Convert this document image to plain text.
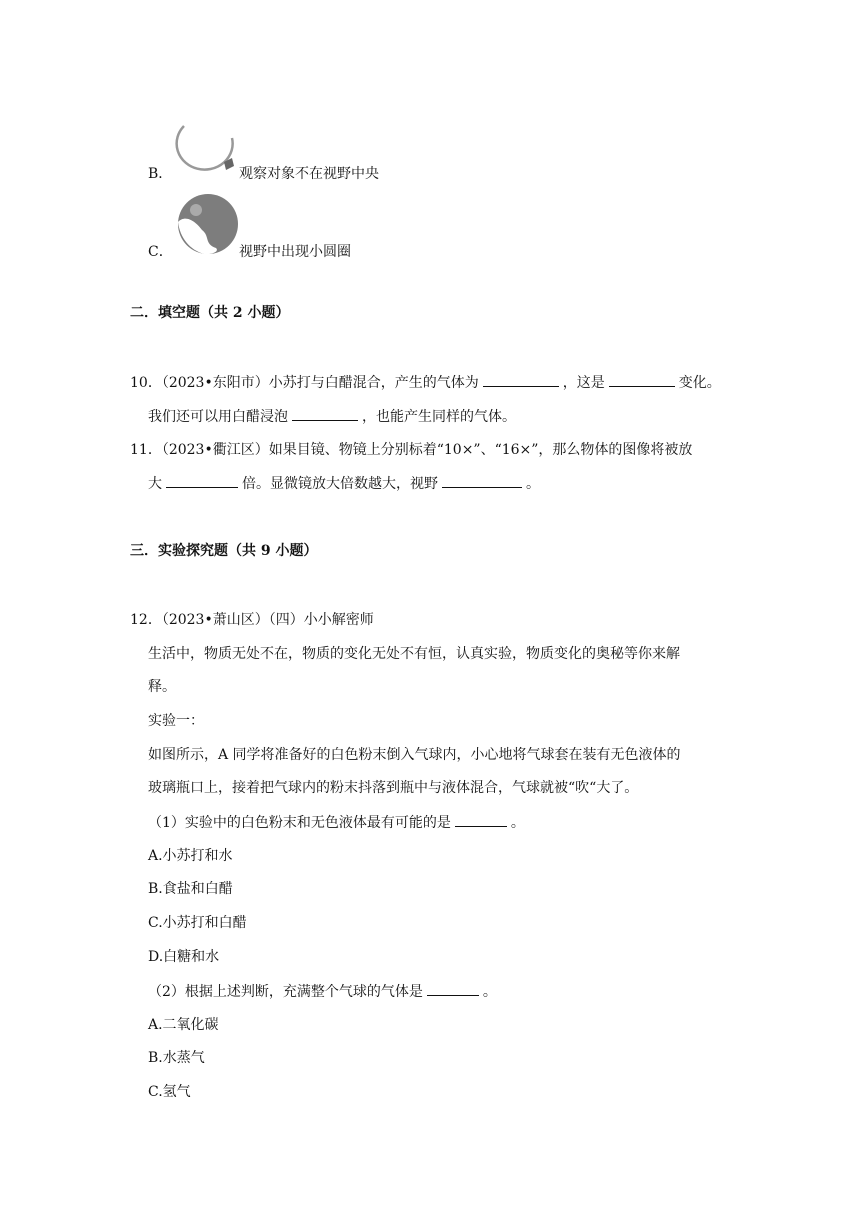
B．	观察对象不在视野中央
C．	视野中出现小圆圈
二．填空题（共 2 小题）
10．（2023•东阳市）小苏打与白醋混合，产生的气体为	，这是	变化。
我们还可以用白醋浸泡	，也能产生同样的气体。
11．（2023•衢江区）如果目镜、物镜上分别标着“10×”、“16×”，那么物体的图像将被放
大	倍。显微镜放大倍数越大，视野	。
三．实验探究题（共 9 小题）
12．（2023•萧山区）（四）小小解密师
生活中，物质无处不在，物质的变化无处不有恒，认真实验，物质变化的奥秘等你来解
释。
实验一：
如图所示，A 同学将准备好的白色粉末倒入气球内，小心地将气球套在装有无色液体的
玻璃瓶口上，接着把气球内的粉末抖落到瓶中与液体混合，气球就被“吹“大了。
（1）实验中的白色粉末和无色液体最有可能的是	。
A.小苏打和水
B.食盐和白醋
C.小苏打和白醋
D.白糖和水
（2）根据上述判断，充满整个气球的气体是	。
A.二氧化碳
B.水蒸气
C.氢气
